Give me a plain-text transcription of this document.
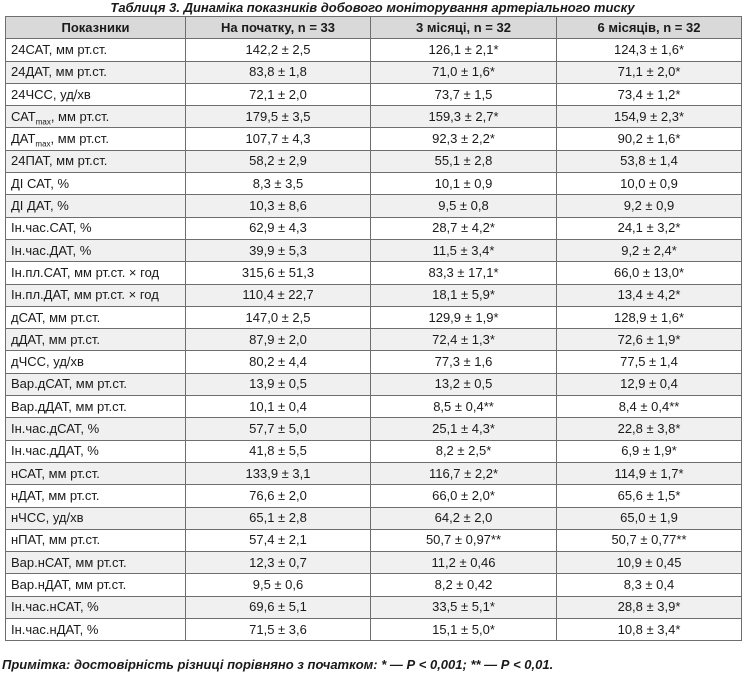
Таблиця 3. Динаміка показників добового моніторування артеріального тиску
Показники	На початку, n = 33	3 місяці, n = 32	6 місяців, n = 32
24САТ, мм рт.ст.	142,2 ± 2,5	126,1 ± 2,1*	124,3 ± 1,6*
24ДАТ, мм рт.ст.	83,8 ± 1,8	71,0 ± 1,6*	71,1 ± 2,0*
24ЧСС, уд/хв	72,1 ± 2,0	73,7 ± 1,5	73,4 ± 1,2*
$САТ_{max}$, мм рт.ст.	179,5 ± 3,5	159,3 ± 2,7*	154,9 ± 2,3*
$ДАТ_{max}$, мм рт.ст.	107,7 ± 4,3	92,3 ± 2,2*	90,2 ± 1,6*
24ПАТ, мм рт.ст.	58,2 ± 2,9	55,1 ± 2,8	53,8 ± 1,4
ДІ САТ, %	8,3 ± 3,5	10,1 ± 0,9	10,0 ± 0,9
ДІ ДАТ, %	10,3 ± 8,6	9,5 ± 0,8	9,2 ± 0,9
Ін.час.САТ, %	62,9 ± 4,3	28,7 ± 4,2*	24,1 ± 3,2*
Ін.час.ДАТ, %	39,9 ± 5,3	11,5 ± 3,4*	9,2 ± 2,4*
Ін.пл.САТ, мм рт.ст. × год	315,6 ± 51,3	83,3 ± 17,1*	66,0 ± 13,0*
Ін.пл.ДАТ, мм рт.ст. × год	110,4 ± 22,7	18,1 ± 5,9*	13,4 ± 4,2*
дСАТ, мм рт.ст.	147,0 ± 2,5	129,9 ± 1,9*	128,9 ± 1,6*
дДАТ, мм рт.ст.	87,9 ± 2,0	72,4 ± 1,3*	72,6 ± 1,9*
дЧСС, уд/хв	80,2 ± 4,4	77,3 ± 1,6	77,5 ± 1,4
Вар.дСАТ, мм рт.ст.	13,9 ± 0,5	13,2 ± 0,5	12,9 ± 0,4
Вар.дДАТ, мм рт.ст.	10,1 ± 0,4	8,5 ± 0,4**	8,4 ± 0,4**
Ін.час.дСАТ, %	57,7 ± 5,0	25,1 ± 4,3*	22,8 ± 3,8*
Ін.час.дДАТ, %	41,8 ± 5,5	8,2 ± 2,5*	6,9 ± 1,9*
нСАТ, мм рт.ст.	133,9 ± 3,1	116,7 ± 2,2*	114,9 ± 1,7*
нДАТ, мм рт.ст.	76,6 ± 2,0	66,0 ± 2,0*	65,6 ± 1,5*
нЧСС, уд/хв	65,1 ± 2,8	64,2 ± 2,0	65,0 ± 1,9
нПАТ, мм рт.ст.	57,4 ± 2,1	50,7 ± 0,97**	50,7 ± 0,77**
Вар.нСАТ, мм рт.ст.	12,3 ± 0,7	11,2 ± 0,46	10,9 ± 0,45
Вар.нДАТ, мм рт.ст.	9,5 ± 0,6	8,2 ± 0,42	8,3 ± 0,4
Ін.час.нСАТ, %	69,6 ± 5,1	33,5 ± 5,1*	28,8 ± 3,9*
Ін.час.нДАТ, %	71,5 ± 3,6	15,1 ± 5,0*	10,8 ± 3,4*
Примітка: достовірність різниці порівняно з початком: * — Р < 0,001; ** — Р < 0,01.
